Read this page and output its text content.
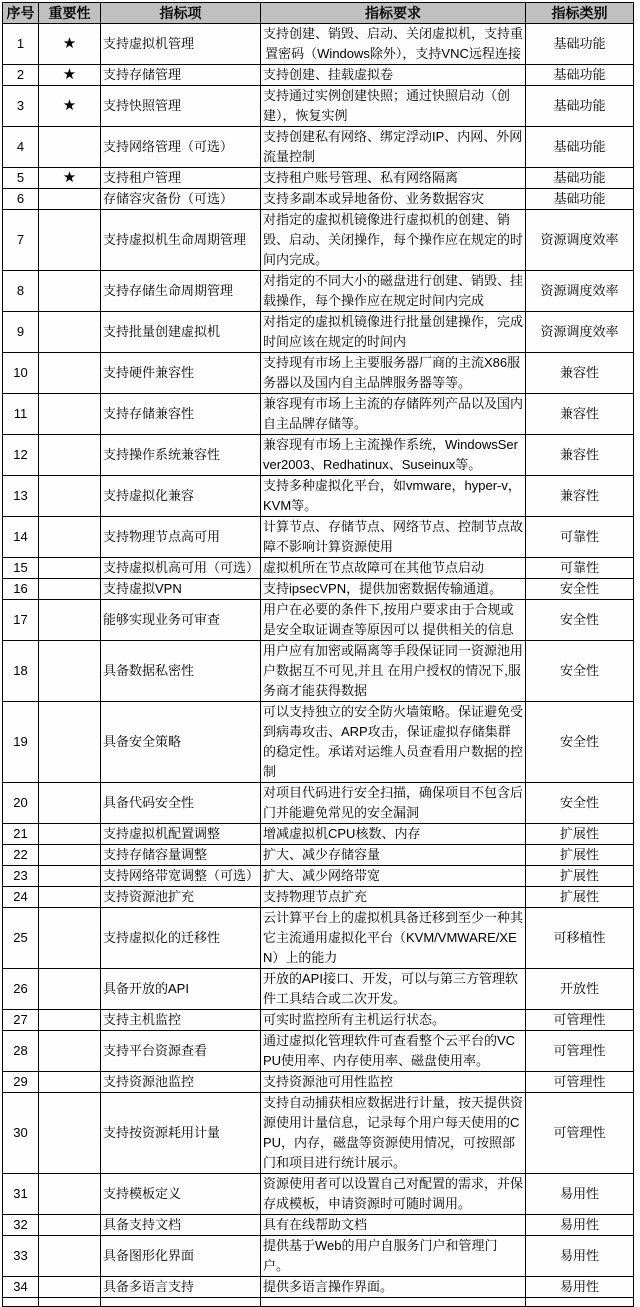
序号	重要性	指标项	指标要求	指标类别
1	★	支持虚拟机管理	支持创建、销毁、启动、关闭虚拟机，支持重置密码（Windows除外），支持VNC远程连接	基础功能
2	★	支持存储管理	支持创建、挂载虚拟卷	基础功能
3	★	支持快照管理	支持通过实例创建快照；通过快照启动（创建），恢复实例	基础功能
4		支持网络管理（可选）	支持创建私有网络、绑定浮动IP、内网、外网流量控制	基础功能
5	★	支持租户管理	支持租户账号管理、私有网络隔离	基础功能
6		存储容灾备份（可选）	支持多副本或异地备份、业务数据容灾	基础功能
7		支持虚拟机生命周期管理	对指定的虚拟机镜像进行虚拟机的创建、销毁、启动、关闭操作，每个操作应在规定的时间内完成。	资源调度效率
8		支持存储生命周期管理	对指定的不同大小的磁盘进行创建、销毁、挂载操作，每个操作应在规定时间内完成	资源调度效率
9		支持批量创建虚拟机	对指定的虚拟机镜像进行批量创建操作，完成时间应该在规定的时间内	资源调度效率
10		支持硬件兼容性	支持现有市场上主要服务器厂商的主流X86服务器以及国内自主品牌服务器等等。	兼容性
11		支持存储兼容性	兼容现有市场上主流的存储阵列产品以及国内自主品牌存储等。	兼容性
12		支持操作系统兼容性	兼容现有市场上主流操作系统，WindowsServer2003、Redhatinux、Suseinux等。	兼容性
13		支持虚拟化兼容	支持多种虚拟化平台，如vmware，hyper-v，KVM等。	兼容性
14		支持物理节点高可用	计算节点、存储节点、网络节点、控制节点故障不影响计算资源使用	可靠性
15		支持虚拟机高可用（可选）	虚拟机所在节点故障可在其他节点启动	可靠性
16		支持虚拟VPN	支持ipsecVPN，提供加密数据传输通道。	安全性
17		能够实现业务可审查	用户在必要的条件下,按用户要求由于合规或是安全取证调查等原因可以 提供相关的信息	安全性
18		具备数据私密性	用户应有加密或隔离等手段保证同一资源池用户数据互不可见,并且 在用户授权的情况下,服务商才能获得数据	安全性
19		具备安全策略	可以支持独立的安全防火墙策略。保证避免受到病毒攻击、ARP攻击，保证虚拟存储集群的稳定性。承诺对运维人员查看用户数据的控制	安全性
20		具备代码安全性	对项目代码进行安全扫描，确保项目不包含后门并能避免常见的安全漏洞	安全性
21		支持虚拟机配置调整	增减虚拟机CPU核数、内存	扩展性
22		支持存储容量调整	扩大、减少存储容量	扩展性
23		支持网络带宽调整（可选）	扩大、减少网络带宽	扩展性
24		支持资源池扩充	支持物理节点扩充	扩展性
25		支持虚拟化的迁移性	云计算平台上的虚拟机具备迁移到至少一种其它主流通用虚拟化平台（KVM/VMWARE/XEN）上的能力	可移植性
26		具备开放的API	开放的API接口、开发，可以与第三方管理软件工具结合或二次开发。	开放性
27		支持主机监控	可实时监控所有主机运行状态。	可管理性
28		支持平台资源查看	通过虚拟化管理软件可查看整个云平台的VCPU使用率、内存使用率、磁盘使用率。	可管理性
29		支持资源池监控	支持资源池可用性监控	可管理性
30		支持按资源耗用计量	支持自动捕获相应数据进行计量，按天提供资源使用计量信息，记录每个用户每天使用的CPU，内存，磁盘等资源使用情况，可按照部门和项目进行统计展示。	可管理性
31		支持模板定义	资源使用者可以设置自己对配置的需求，并保存成模板，申请资源时可随时调用。	易用性
32		具备支持文档	具有在线帮助文档	易用性
33		具备图形化界面	提供基于Web的用户自服务门户和管理门户。	易用性
34		具备多语言支持	提供多语言操作界面。	易用性
